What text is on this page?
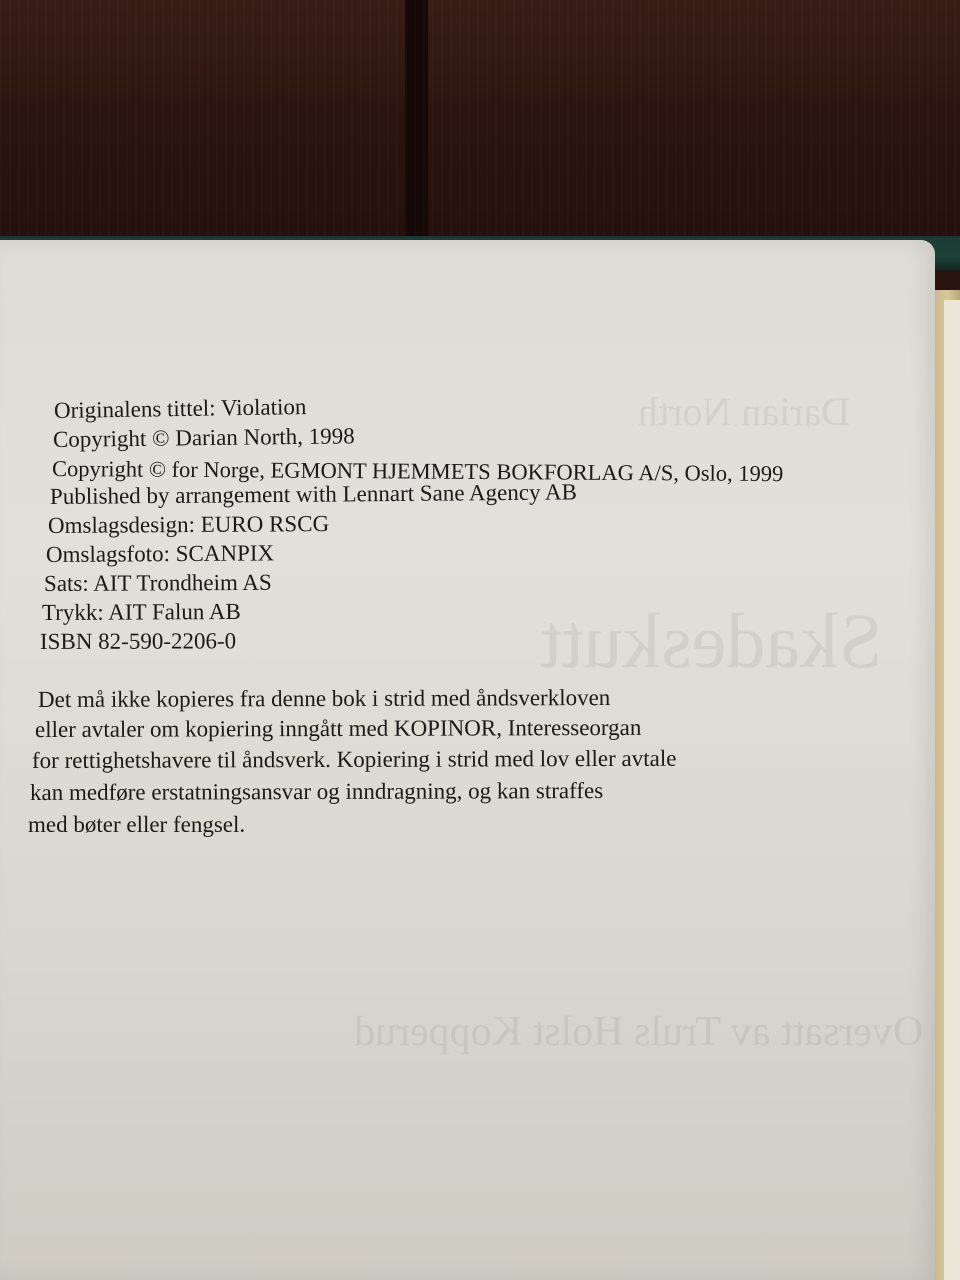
Darian North
Skadeskutt
Oversatt av Truls Holst Kopperud
Originalens tittel: Violation
Copyright © Darian North, 1998
Copyright © for Norge, EGMONT HJEMMETS BOKFORLAG A/S, Oslo, 1999
Published by arrangement with Lennart Sane Agency AB
Omslagsdesign: EURO RSCG
Omslagsfoto: SCANPIX
Sats: AIT Trondheim AS
Trykk: AIT Falun AB
ISBN 82-590-2206-0
Det må ikke kopieres fra denne bok i strid med åndsverkloven
eller avtaler om kopiering inngått med KOPINOR, Interesseorgan
for rettighetshavere til åndsverk. Kopiering i strid med lov eller avtale
kan medføre erstatningsansvar og inndragning, og kan straffes
med bøter eller fengsel.
